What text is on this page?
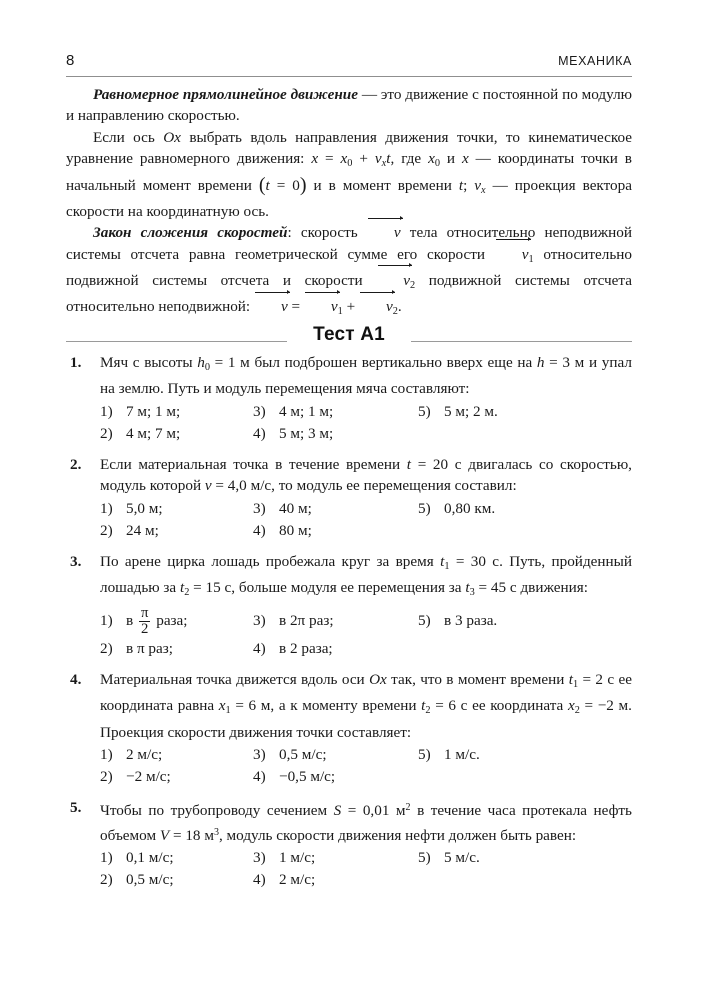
8	МЕХАНИКА

Равномерное прямолинейное движение — это движение с постоянной по модулю и направлению скоростью.

Если ось Ox выбрать вдоль направления движения точки, то кинематическое уравнение равномерного движения: $x = x_0 + v_xt$, где $x_0$ и x — координаты точки в начальный момент времени (t = 0) и в момент времени t; $v_x$ — проекция вектора скорости на координатную ось.

Закон сложения скоростей: скорость v тела относительно неподвижной системы отсчета равна геометрической сумме его скорости $v_1$ относительно подвижной системы отсчета и скорости $v_2$ подвижной системы отсчета относительно неподвижной: $v = v_1 + v_2$.

Тест А1
1. Мяч с высоты $h_0 = 1$ м был подброшен вертикально вверх еще на h = 3 м и упал на землю. Путь и модуль перемещения мяча составляют:
1) 7 м; 1 м;	3) 4 м; 1 м;	5) 5 м; 2 м.
2) 4 м; 7 м;	4) 5 м; 3 м;
2. Если материальная точка в течение времени t = 20 с двигалась со скоростью, модуль которой v = 4,0 м/с, то модуль ее перемещения составил:
1) 5,0 м;	3) 40 м;	5) 0,80 км.
2) 24 м;	4) 80 м;
3. По арене цирка лошадь пробежала круг за время $t_1 = 30$ с. Путь, пройденный лошадью за $t_2 = 15$ с, больше модуля ее перемещения за $t_3 = 45$ с движения:
1) в $\frac{\pi}{2}$ раза;	3) в 2π раз;	5) в 3 раза.
2) в π раз;	4) в 2 раза;
4. Материальная точка движется вдоль оси Ox так, что в момент времени $t_1 = 2$ с ее координата равна $x_1 = 6$ м, а к моменту времени $t_2 = 6$ с ее координата $x_2 = -2$ м. Проекция скорости движения точки составляет:
1) 2 м/с;	3) 0,5 м/с;	5) 1 м/с.
2) −2 м/с;	4) −0,5 м/с;
5. Чтобы по трубопроводу сечением S = 0,01 $м^2$ в течение часа протекала нефть объемом V = 18 $м^3$, модуль скорости движения нефти должен быть равен:
1) 0,1 м/с;	3) 1 м/с;	5) 5 м/с.
2) 0,5 м/с;	4) 2 м/с;
